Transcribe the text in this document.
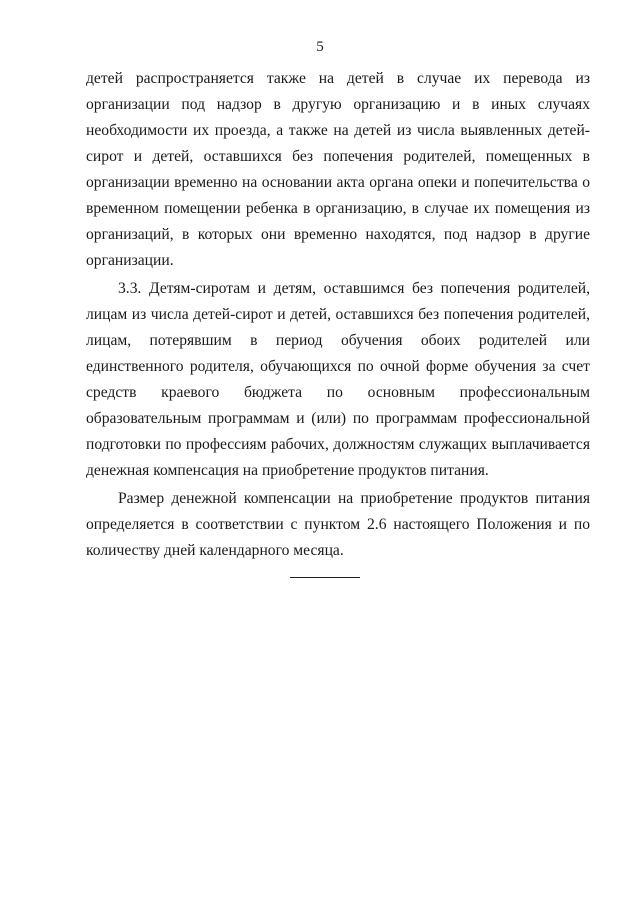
5

детей распространяется также на детей в случае их перевода из организации под надзор в другую организацию и в иных случаях необходимости их проезда, а также на детей из числа выявленных детей-сирот и детей, оставшихся без попечения родителей, помещенных в организации временно на основании акта органа опеки и попечительства о временном помещении ребенка в организацию, в случае их помещения из организаций, в которых они временно находятся, под надзор в другие организации.

3.3. Детям-сиротам и детям, оставшимся без попечения родителей, лицам из числа детей-сирот и детей, оставшихся без попечения родителей, лицам, потерявшим в период обучения обоих родителей или единственного родителя, обучающихся по очной форме обучения за счет средств краевого бюджета по основным профессиональным образовательным программам и (или) по программам профессиональной подготовки по профессиям рабочих, должностям служащих выплачивается денежная компенсация на приобретение продуктов питания.

Размер денежной компенсации на приобретение продуктов питания определяется в соответствии с пунктом 2.6 настоящего Положения и по количеству дней календарного месяца.
